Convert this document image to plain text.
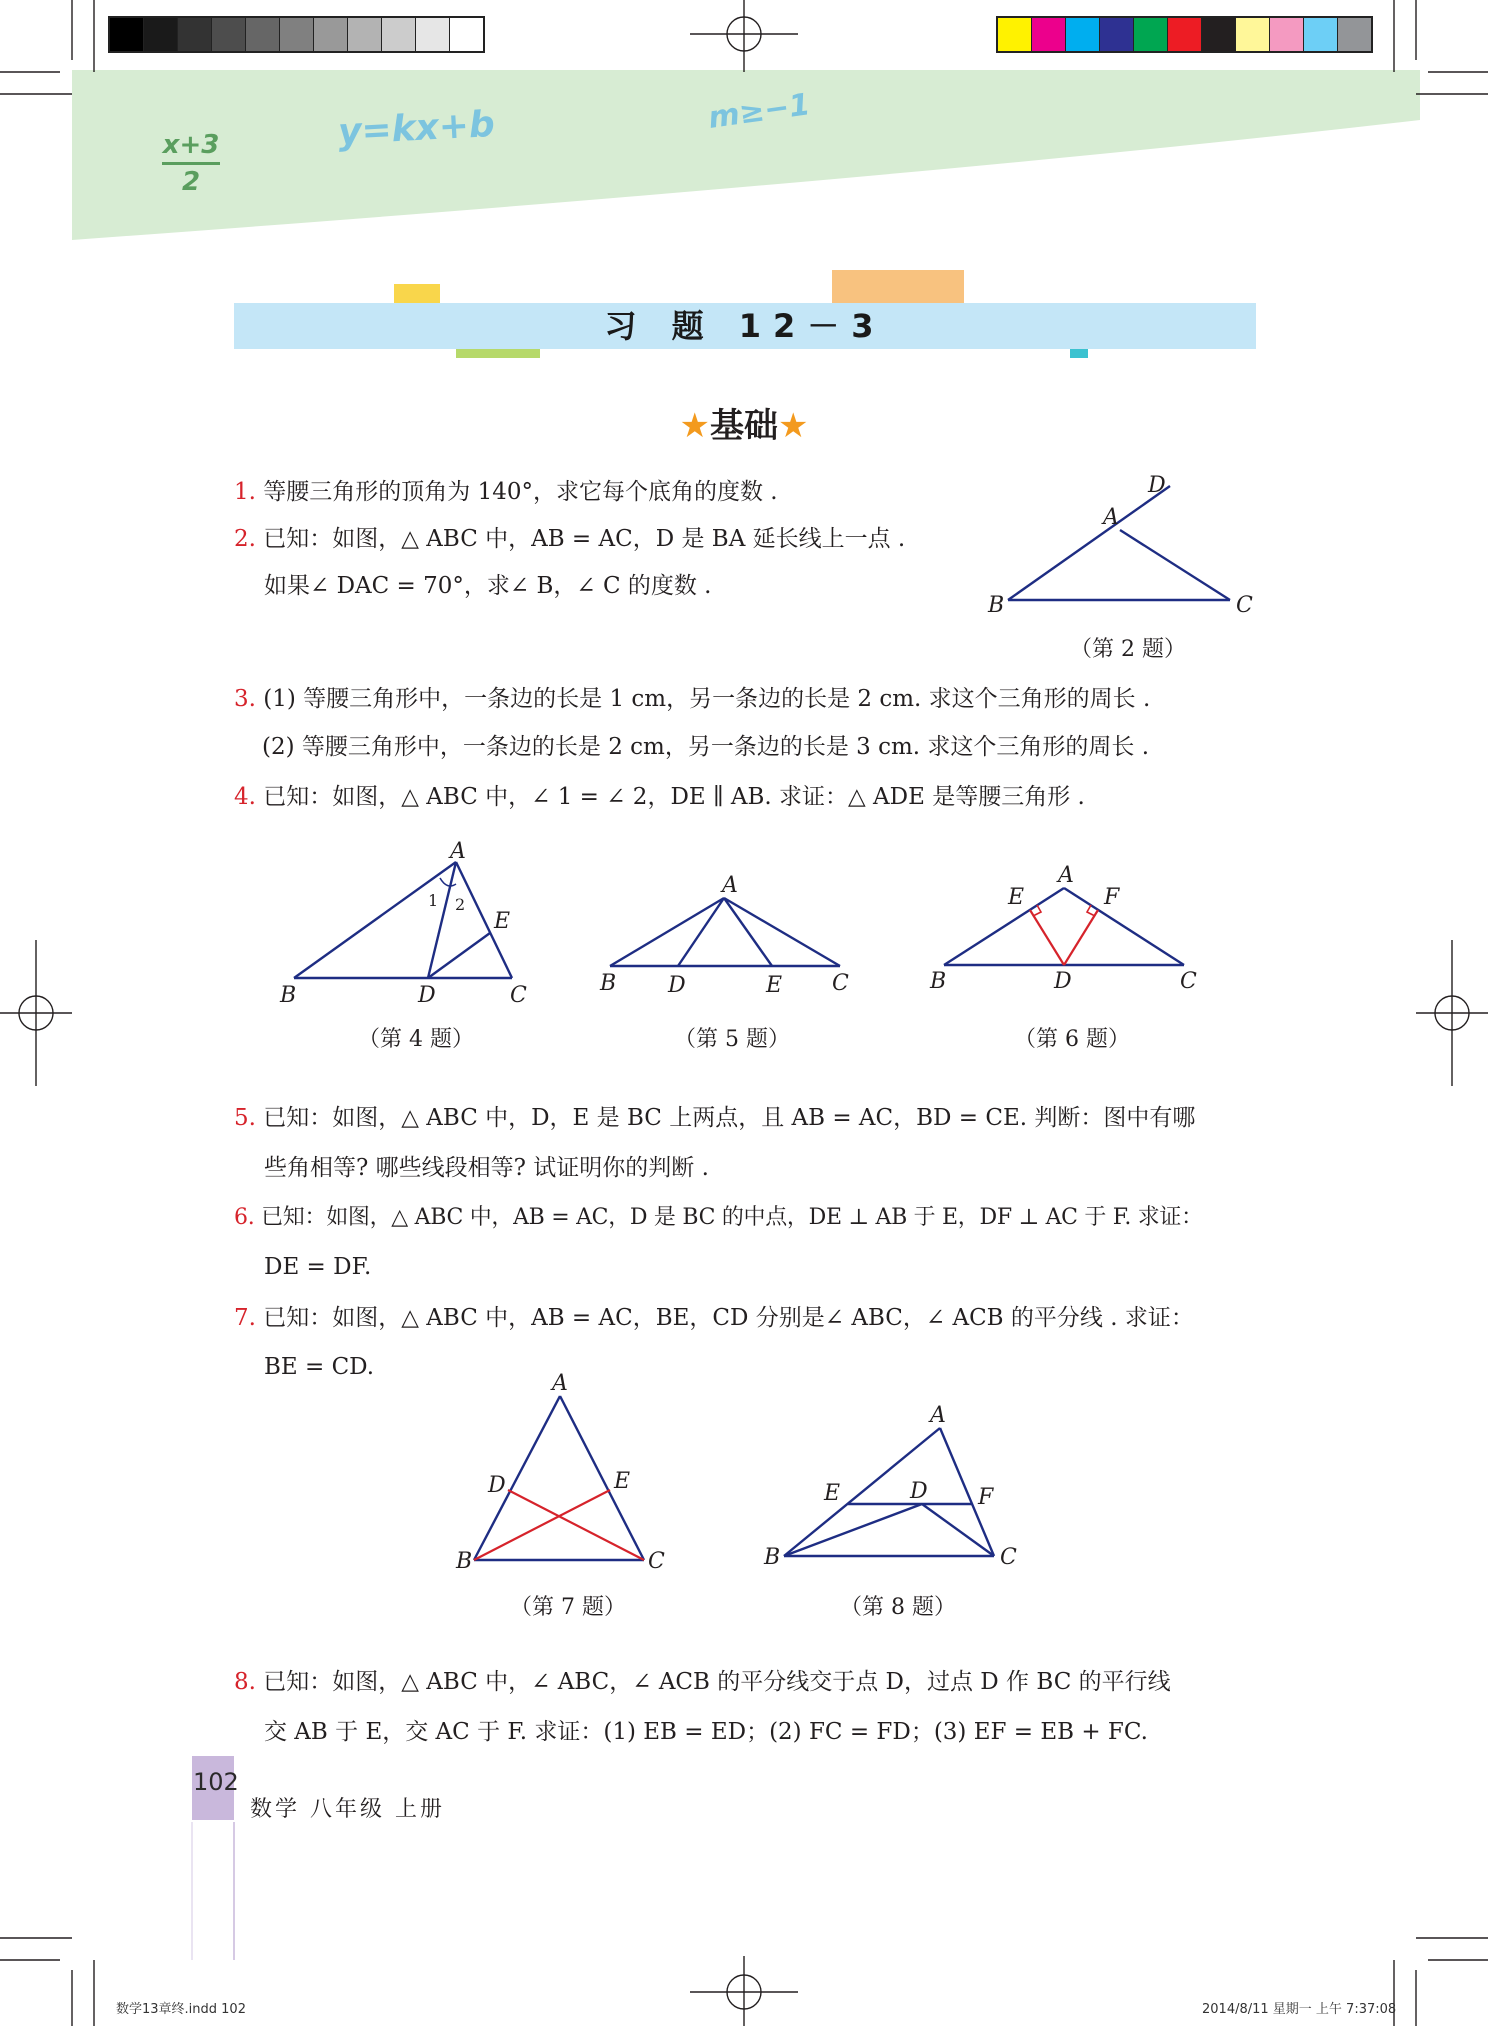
x+3
2
y=kx+b	m≥−1
习 题 12－3
★基础★
1. 等腰三角形的顶角为 140°，求它每个底角的度数 .
2. 已知：如图，△ ABC 中，AB = AC，D 是 BA 延长线上一点 .
如果∠ DAC = 70°，求∠ B，∠ C 的度数 .
D
A
B	C
（第 2 题）
3. (1) 等腰三角形中，一条边的长是 1 cm，另一条边的长是 2 cm. 求这个三角形的周长 .
(2) 等腰三角形中，一条边的长是 2 cm，另一条边的长是 3 cm. 求这个三角形的周长 .
4. 已知：如图，△ ABC 中，∠ 1 = ∠ 2，DE ∥ AB. 求证：△ ADE 是等腰三角形 .
A
B	D	C
E
1 2
A
B D	E C
A
E	F
B	D	C
（第 4 题）	（第 5 题）	（第 6 题）
5. 已知：如图，△ ABC 中，D，E 是 BC 上两点，且 AB = AC，BD = CE. 判断：图中有哪
些角相等? 哪些线段相等? 试证明你的判断 .
6. 已知：如图，△ ABC 中，AB = AC，D 是 BC 的中点，DE ⊥ AB 于 E，DF ⊥ AC 于 F. 求证：
DE = DF.
7. 已知：如图，△ ABC 中，AB = AC，BE，CD 分别是∠ ABC，∠ ACB 的平分线 . 求证：
BE = CD.
A
D	E
B	C
A
E	D F
B	C
（第 7 题）	（第 8 题）
8. 已知：如图，△ ABC 中，∠ ABC，∠ ACB 的平分线交于点 D，过点 D 作 BC 的平行线
交 AB 于 E，交 AC 于 F. 求证：(1) EB = ED；(2) FC = FD；(3) EF = EB + FC.
102
数学 八年级 上册
数学13章终.indd 102	2014/8/11 星期一 上午 7:37:08
